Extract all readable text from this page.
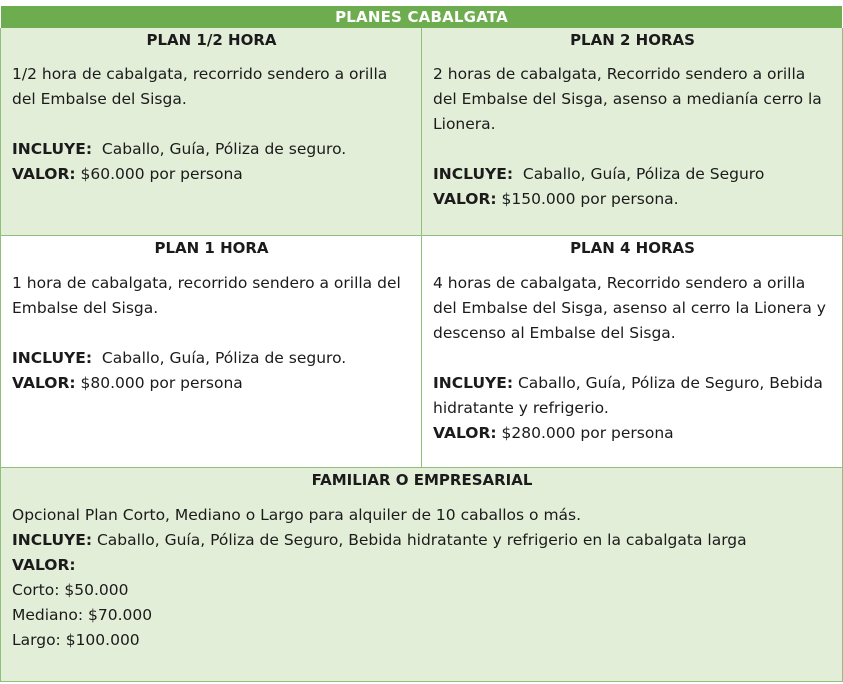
PLANES CABALGATA
PLAN 1/2 HORA

1/2 hora de cabalgata, recorrido sendero a orilla del Embalse del Sisga.

INCLUYE: Caballo, Guía, Póliza de seguro.

VALOR: $60.000 por persona

PLAN 2 HORAS

2 horas de cabalgata, Recorrido sendero a orilla del Embalse del Sisga, asenso a medianía cerro la Lionera.

INCLUYE: Caballo, Guía, Póliza de Seguro

VALOR: $150.000 por persona.

PLAN 1 HORA

1 hora de cabalgata, recorrido sendero a orilla del Embalse del Sisga.

INCLUYE: Caballo, Guía, Póliza de seguro.

VALOR: $80.000 por persona

PLAN 4 HORAS

4 horas de cabalgata, Recorrido sendero a orilla del Embalse del Sisga, asenso al cerro la Lionera y descenso al Embalse del Sisga.

INCLUYE: Caballo, Guía, Póliza de Seguro, Bebida hidratante y refrigerio.

VALOR: $280.000 por persona

FAMILIAR O EMPRESARIAL

Opcional Plan Corto, Mediano o Largo para alquiler de 10 caballos o más.

INCLUYE: Caballo, Guía, Póliza de Seguro, Bebida hidratante y refrigerio en la cabalgata larga

VALOR:

Corto: $50.000

Mediano: $70.000

Largo: $100.000
